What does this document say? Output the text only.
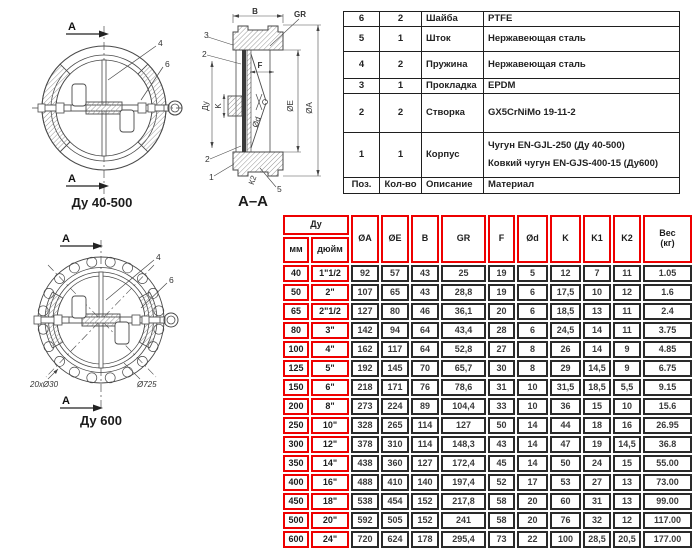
A
A
4
6
Ду 40-500
B	GR
3
2
Ду K
F
Ød
ØE ØA
2
1	К2
5
А–А
A
A
4
6
20хØ30	Ø725
Ду 600
6	2	Шайба	PTFE

5	1	Шток	Нержавеющая сталь

4	2	Пружина	Нержавеющая сталь

3	1	Прокладка	EPDM

2	2	Створка	GX5CrNiMo 19-11-2

1	1	Корпус	Чугун EN-GJL-250 (Ду 40-500)
Ковкий чугун EN-GJS-400-15 (Ду600)

Поз.	Кол-во	Описание	Материал
Ду		ØA	ØE	B	GR	F	Ød	K	K1	K2	Вес
(кг)

мм	дюйм										
40	1"1/2	92	57	43	25	19	5	12	7	11	1.05
50	2"	107	65	43	28,8	19	6	17,5	10	12	1.6
65	2"1/2	127	80	46	36,1	20	6	18,5	13	11	2.4
80	3"	142	94	64	43,4	28	6	24,5	14	11	3.75
100	4"	162	117	64	52,8	27	8	26	14	9	4.85
125	5"	192	145	70	65,7	30	8	29	14,5	9	6.75
150	6"	218	171	76	78,6	31	10	31,5	18,5	5,5	9.15
200	8"	273	224	89	104,4	33	10	36	15	10	15.6
250	10"	328	265	114	127	50	14	44	18	16	26.95
300	12"	378	310	114	148,3	43	14	47	19	14,5	36.8
350	14"	438	360	127	172,4	45	14	50	24	15	55.00
400	16"	488	410	140	197,4	52	17	53	27	13	73.00
450	18"	538	454	152	217,8	58	20	60	31	13	99.00
500	20"	592	505	152	241	58	20	76	32	12	117.00
600	24"	720	624	178	295,4	73	22	100	28,5	20,5	177.00
